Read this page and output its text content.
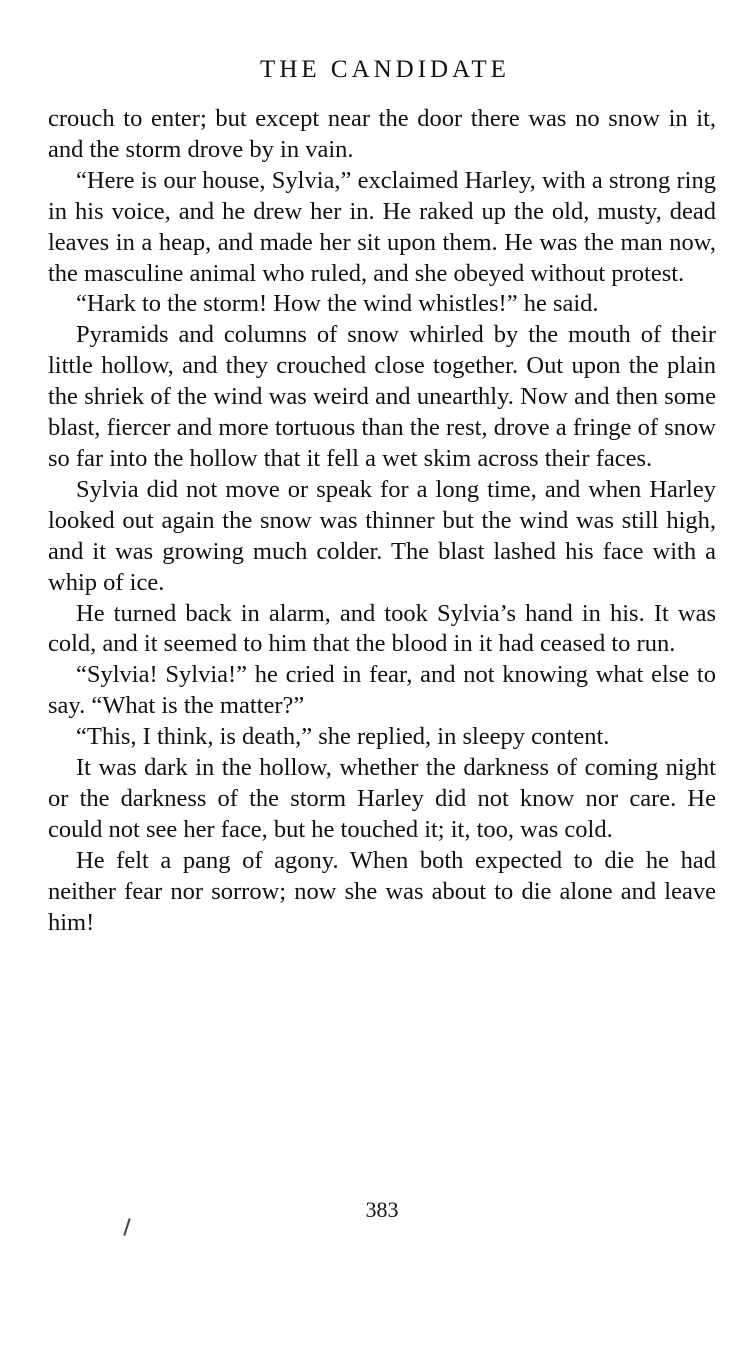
THE CANDIDATE

crouch to enter; but except near the door there was no snow in it, and the storm drove by in vain.

“Here is our house, Sylvia,” exclaimed Harley, with a strong ring in his voice, and he drew her in. He raked up the old, musty, dead leaves in a heap, and made her sit upon them. He was the man now, the masculine animal who ruled, and she obeyed without protest.

“Hark to the storm! How the wind whistles!” he said.

Pyramids and columns of snow whirled by the mouth of their little hollow, and they crouched close together. Out upon the plain the shriek of the wind was weird and unearthly. Now and then some blast, fiercer and more tortuous than the rest, drove a fringe of snow so far into the hollow that it fell a wet skim across their faces.

Sylvia did not move or speak for a long time, and when Harley looked out again the snow was thinner but the wind was still high, and it was growing much colder. The blast lashed his face with a whip of ice.

He turned back in alarm, and took Sylvia’s hand in his. It was cold, and it seemed to him that the blood in it had ceased to run.

“Sylvia! Sylvia!” he cried in fear, and not knowing what else to say. “What is the matter?”

“This, I think, is death,” she replied, in sleepy content.

It was dark in the hollow, whether the darkness of coming night or the darkness of the storm Harley did not know nor care. He could not see her face, but he touched it; it, too, was cold.

He felt a pang of agony. When both expected to die he had neither fear nor sorrow; now she was about to die alone and leave him!

383
